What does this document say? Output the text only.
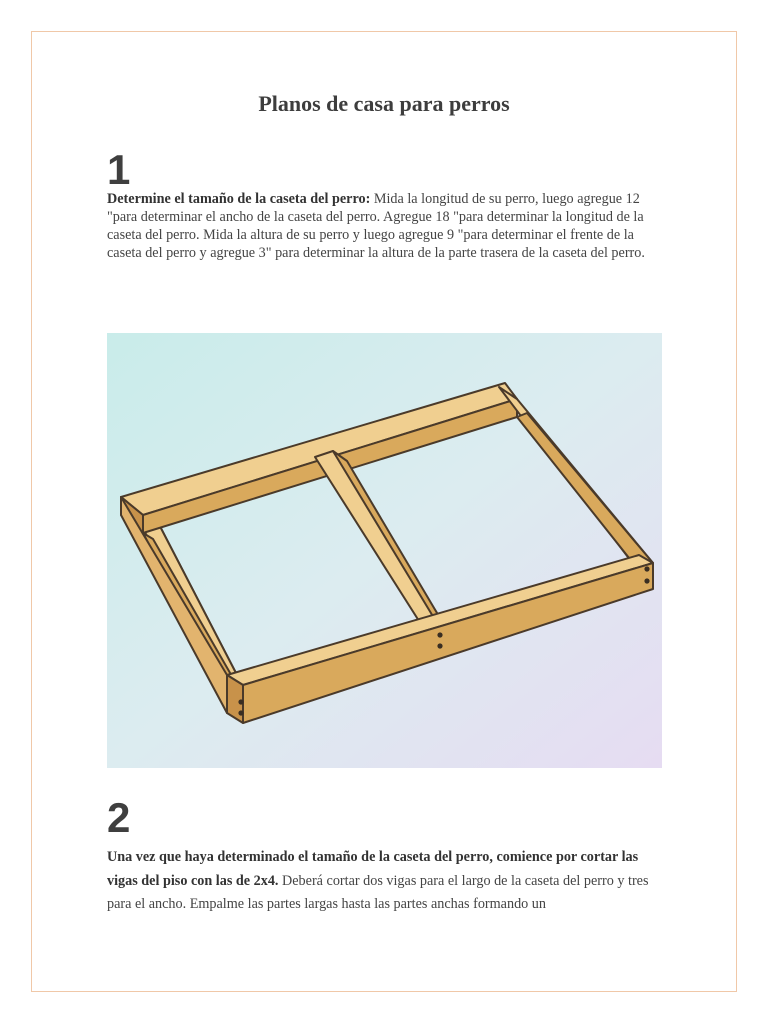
Planos de casa para perros
1

Determine el tamaño de la caseta del perro: Mida la longitud de su perro, luego agregue 12 "para determinar el ancho de la caseta del perro. Agregue 18 "para determinar la longitud de la caseta del perro. Mida la altura de su perro y luego agregue 9 "para determinar el frente de la caseta del perro y agregue 3" para determinar la altura de la parte trasera de la caseta del perro.

2

Una vez que haya determinado el tamaño de la caseta del perro, comience por cortar las vigas del piso con las de 2x4. Deberá cortar dos vigas para el largo de la caseta del perro y tres para el ancho. Empalme las partes largas hasta las partes anchas formando un
